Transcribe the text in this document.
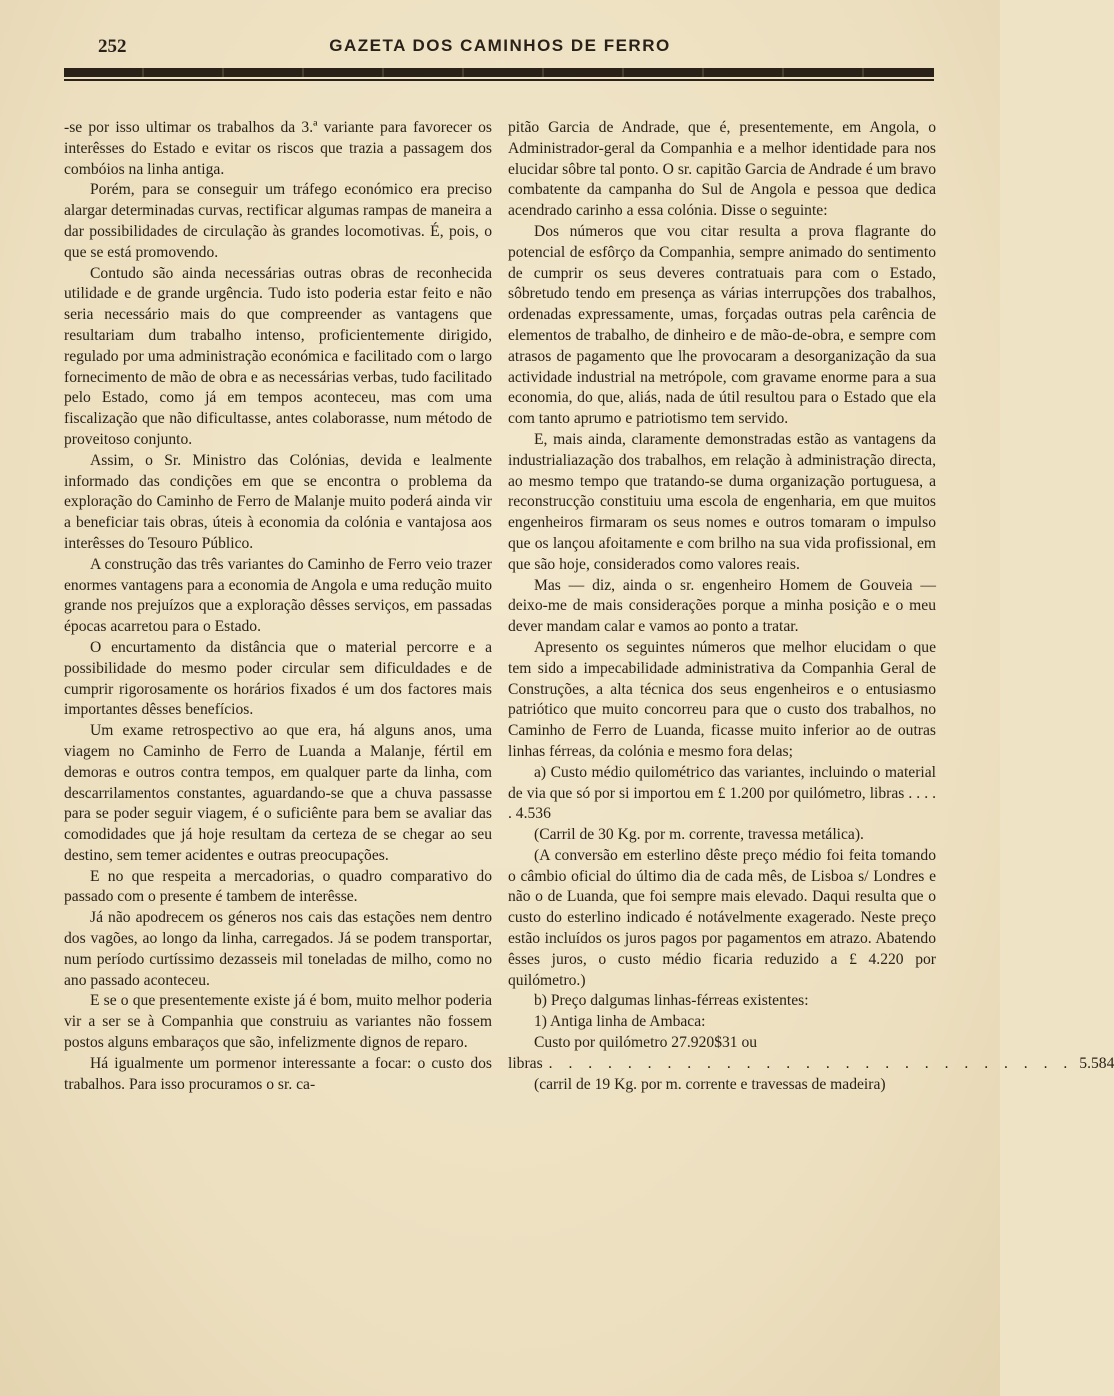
252	GAZETA DOS CAMINHOS DE FERRO

-se por isso ultimar os trabalhos da 3.ª variante para favorecer os interêsses do Estado e evitar os riscos que trazia a passagem dos combóios na linha antiga.

Porém, para se conseguir um tráfego económico era preciso alargar determinadas curvas, rectificar algumas rampas de maneira a dar possibilidades de circulação às grandes locomotivas. É, pois, o que se está promovendo.

Contudo são ainda necessárias outras obras de reconhecida utilidade e de grande urgência. Tudo isto poderia estar feito e não seria necessário mais do que compreender as vantagens que resultariam dum trabalho intenso, proficientemente dirigido, regulado por uma administração económica e facilitado com o largo fornecimento de mão de obra e as necessárias verbas, tudo facilitado pelo Estado, como já em tempos aconteceu, mas com uma fiscalização que não dificultasse, antes colaborasse, num método de proveitoso conjunto.

Assim, o Sr. Ministro das Colónias, devida e lealmente informado das condições em que se encontra o problema da exploração do Caminho de Ferro de Malanje muito poderá ainda vir a beneficiar tais obras, úteis à economia da colónia e vantajosa aos interêsses do Tesouro Público.

A construção das três variantes do Caminho de Ferro veio trazer enormes vantagens para a economia de Angola e uma redução muito grande nos prejuízos que a exploração dêsses serviços, em passadas épocas acarretou para o Estado.

O encurtamento da distância que o material percorre e a possibilidade do mesmo poder circular sem dificuldades e de cumprir rigorosamente os horários fixados é um dos factores mais importantes dêsses benefícios.

Um exame retrospectivo ao que era, há alguns anos, uma viagem no Caminho de Ferro de Luanda a Malanje, fértil em demoras e outros contra tempos, em qualquer parte da linha, com descarrilamentos constantes, aguardando-se que a chuva passasse para se poder seguir viagem, é o suficiênte para bem se avaliar das comodidades que já hoje resultam da certeza de se chegar ao seu destino, sem temer acidentes e outras preocupações.

E no que respeita a mercadorias, o quadro comparativo do passado com o presente é tambem de interêsse.

Já não apodrecem os géneros nos cais das estações nem dentro dos vagões, ao longo da linha, carregados. Já se podem transportar, num período curtíssimo dezasseis mil toneladas de milho, como no ano passado aconteceu.

E se o que presentemente existe já é bom, muito melhor poderia vir a ser se à Companhia que construiu as variantes não fossem postos alguns embaraços que são, infelizmente dignos de reparo.

Há igualmente um pormenor interessante a focar: o custo dos trabalhos. Para isso procuramos o sr. ca-

pitão Garcia de Andrade, que é, presentemente, em Angola, o Administrador-geral da Companhia e a melhor identidade para nos elucidar sôbre tal ponto. O sr. capitão Garcia de Andrade é um bravo combatente da campanha do Sul de Angola e pessoa que dedica acendrado carinho a essa colónia. Disse o seguinte:

Dos números que vou citar resulta a prova flagrante do potencial de esfôrço da Companhia, sempre animado do sentimento de cumprir os seus deveres contratuais para com o Estado, sôbretudo tendo em presença as várias interrupções dos trabalhos, ordenadas expressamente, umas, forçadas outras pela carência de elementos de trabalho, de dinheiro e de mão-de-obra, e sempre com atrasos de pagamento que lhe provocaram a desorganização da sua actividade industrial na metrópole, com gravame enorme para a sua economia, do que, aliás, nada de útil resultou para o Estado que ela com tanto aprumo e patriotismo tem servido.

E, mais ainda, claramente demonstradas estão as vantagens da industrialiazação dos trabalhos, em relação à administração directa, ao mesmo tempo que tratando-se duma organização portuguesa, a reconstrucção constituiu uma escola de engenharia, em que muitos engenheiros firmaram os seus nomes e outros tomaram o impulso que os lançou afoitamente e com brilho na sua vida profissional, em que são hoje, considerados como valores reais.

Mas — diz, ainda o sr. engenheiro Homem de Gouveia — deixo-me de mais considerações porque a minha posição e o meu dever mandam calar e vamos ao ponto a tratar.

Apresento os seguintes números que melhor elucidam o que tem sido a impecabilidade administrativa da Companhia Geral de Construções, a alta técnica dos seus engenheiros e o entusiasmo patriótico que muito concorreu para que o custo dos trabalhos, no Caminho de Ferro de Luanda, ficasse muito inferior ao de outras linhas férreas, da colónia e mesmo fora delas;

a) Custo médio quilométrico das variantes, incluindo o material de via que só por si importou em £ 1.200 por quilómetro, libras . . . . . 4.536

(Carril de 30 Kg. por m. corrente, travessa metálica).

(A conversão em esterlino dêste preço médio foi feita tomando o câmbio oficial do último dia de cada mês, de Lisboa s/ Londres e não o de Luanda, que foi sempre mais elevado. Daqui resulta que o custo do esterlino indicado é notávelmente exagerado. Neste preço estão incluídos os juros pagos por pagamentos em atrazo. Abatendo êsses juros, o custo médio ficaria reduzido a £ 4.220 por quilómetro.)

b) Preço dalgumas linhas-férreas existentes:

1) Antiga linha de Ambaca:

Custo por quilómetro 27.920$31 ou

libras . . . . . . . . . . . . . . . . . . . . . . . . . . . 5.584

(carril de 19 Kg. por m. corrente e travessas de madeira)
